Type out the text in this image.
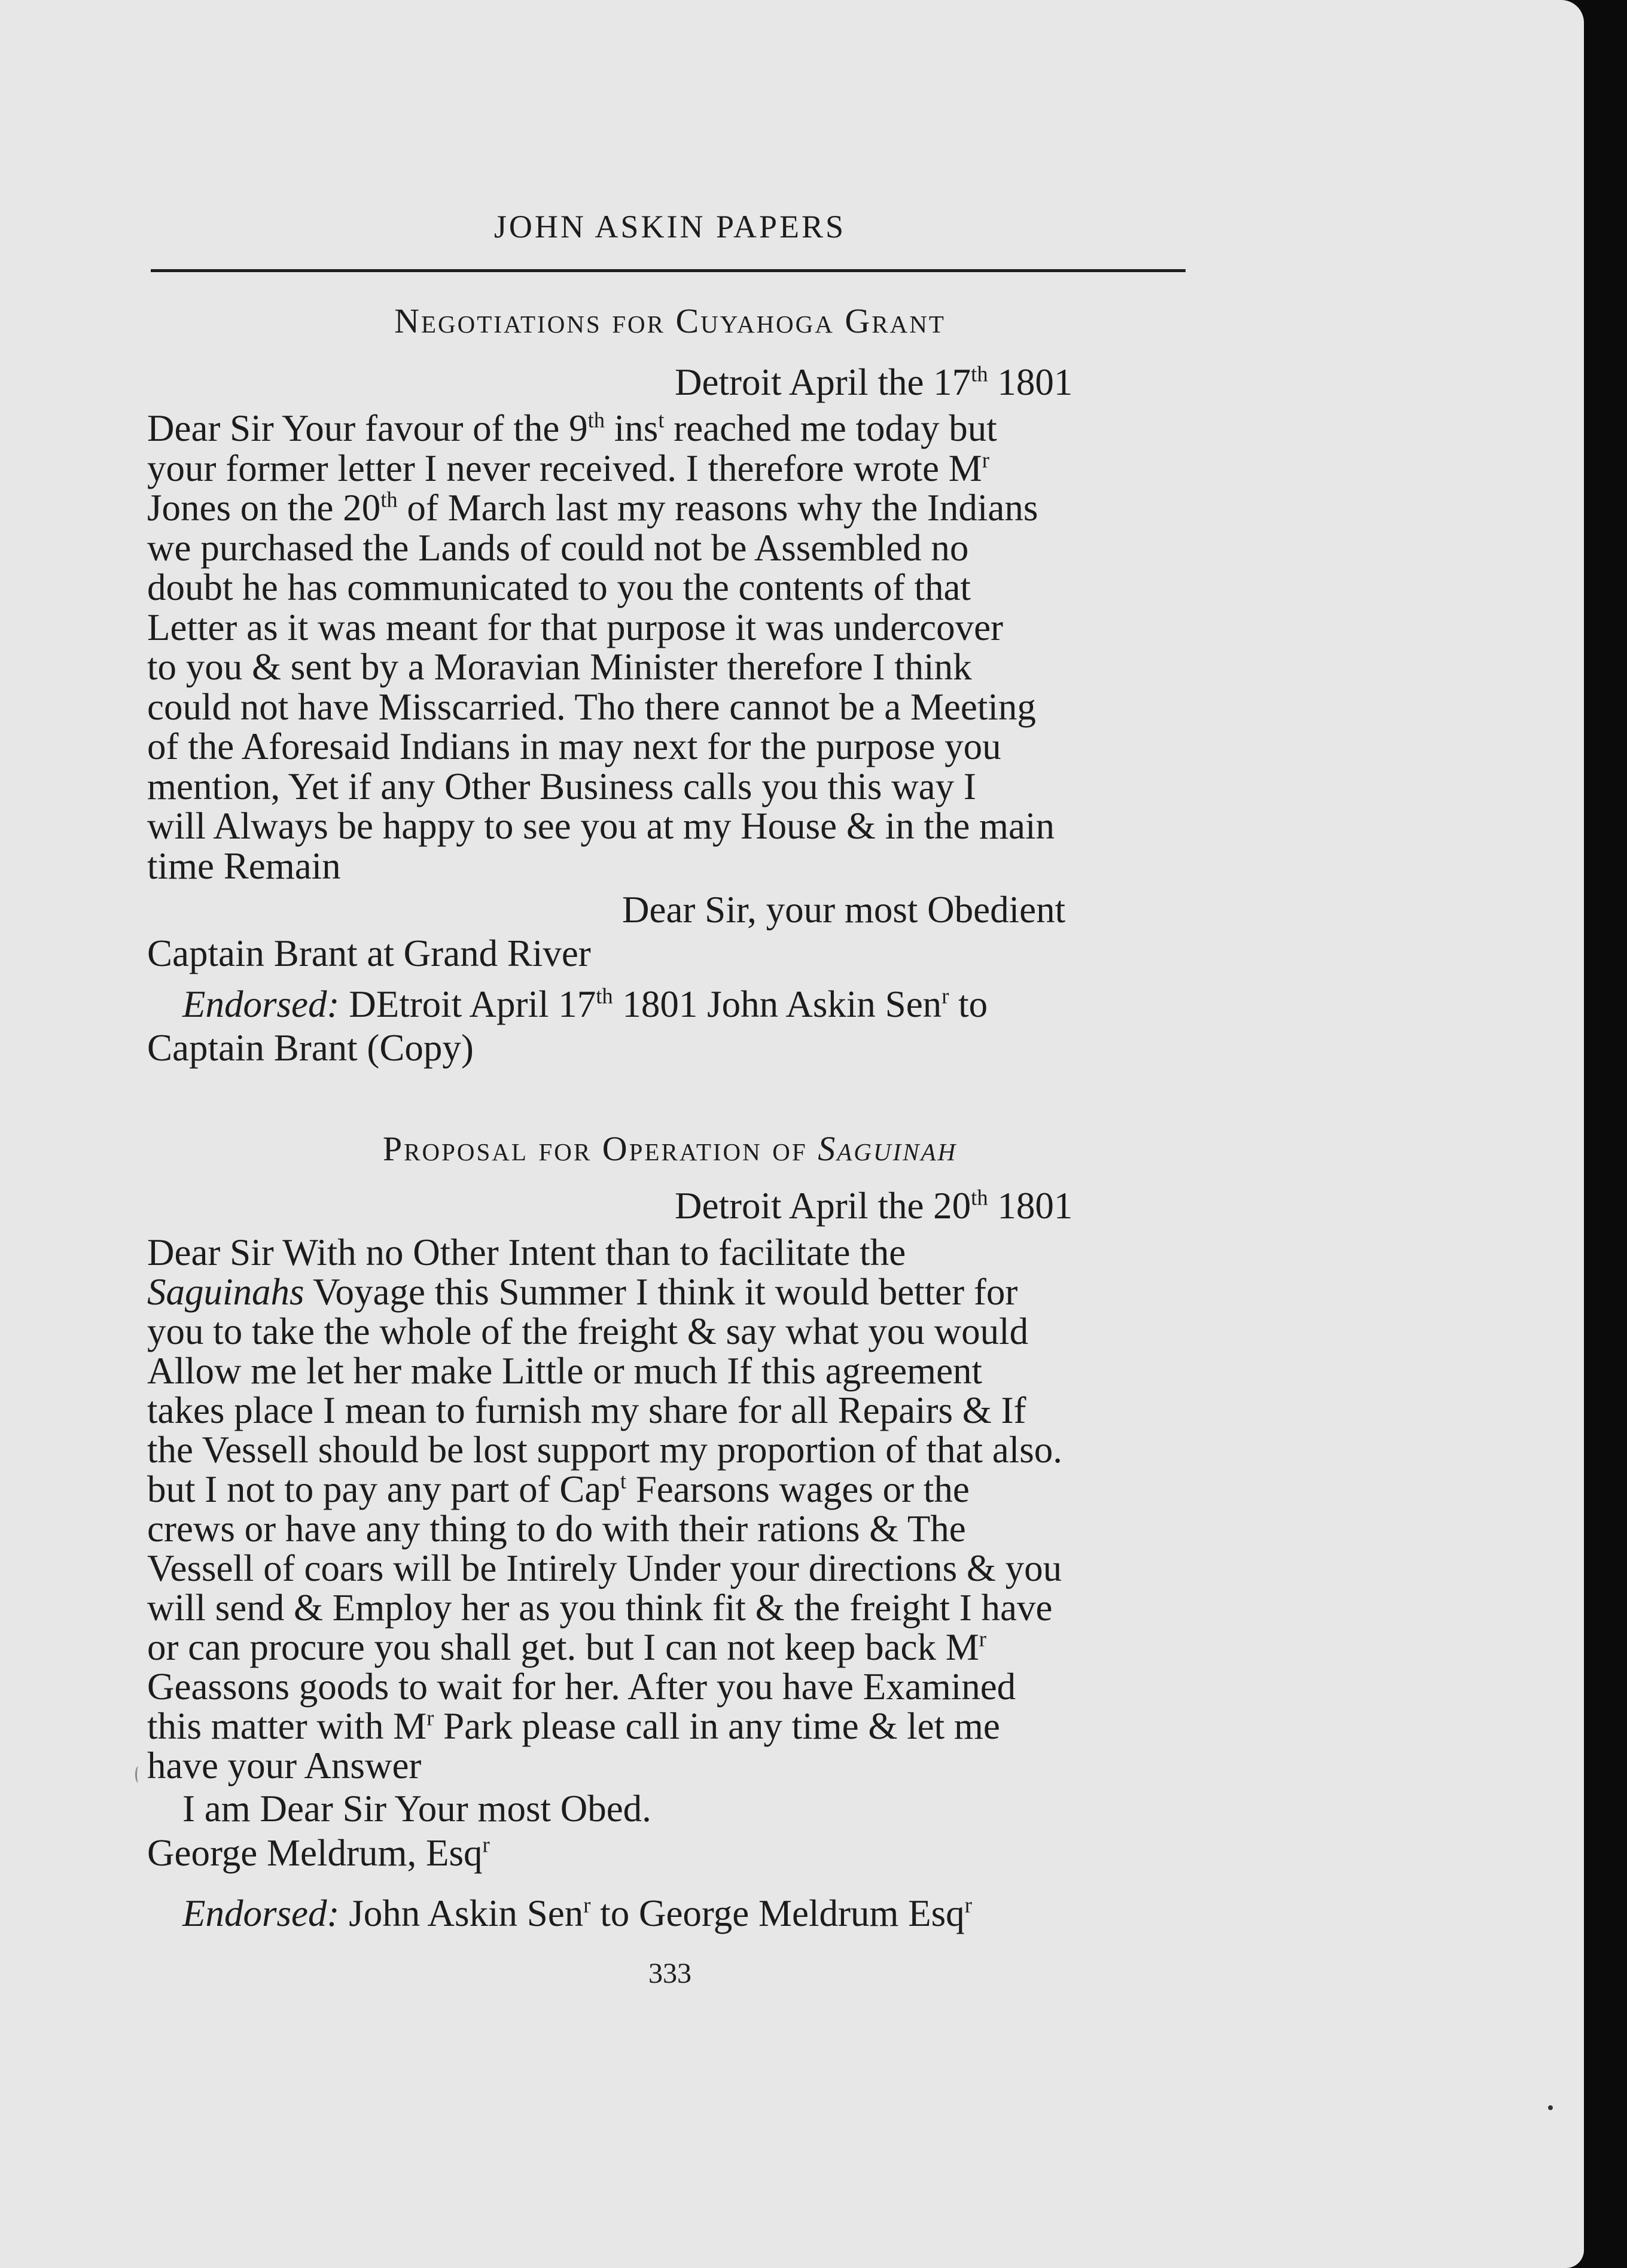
JOHN ASKIN PAPERS
Negotiations for Cuyahoga Grant
Detroit April the 17th 1801
Dear Sir Your favour of the 9th ins$^t$ reached me today but
your former letter I never received. I therefore wrote $M^r$
Jones on the 20th of March last my reasons why the Indians
we purchased the Lands of could not be Assembled no
doubt he has communicated to you the contents of that
Letter as it was meant for that purpose it was undercover
to you & sent by a Moravian Minister therefore I think
could not have Misscarried. Tho there cannot be a Meeting
of the Aforesaid Indians in may next for the purpose you
mention, Yet if any Other Business calls you this way I
will Always be happy to see you at my House & in the main
time Remain
Dear Sir, your most Obedient
Captain Brant at Grand River
Endorsed: DEtroit April 17th 1801 John Askin Sen$^r$ to
Captain Brant (Copy)
Proposal for Operation of Saguinah
Detroit April the 20th 1801
Dear Sir With no Other Intent than to facilitate the
Saguinahs Voyage this Summer I think it would better for
you to take the whole of the freight & say what you would
Allow me let her make Little or much If this agreement
takes place I mean to furnish my share for all Repairs & If
the Vessell should be lost support my proportion of that also.
but I not to pay any part of Cap$^t$ Fearsons wages or the
crews or have any thing to do with their rations & The
Vessell of coars will be Intirely Under your directions & you
will send & Employ her as you think fit & the freight I have
or can procure you shall get. but I can not keep back $M^r$
Geassons goods to wait for her. After you have Examined
this matter with $M^r$ Park please call in any time & let me
have your Answer
I am Dear Sir Your most Obed.
George Meldrum, Esq$^r$
Endorsed: John Askin Sen$^r$ to George Meldrum Esq$^r$
333
